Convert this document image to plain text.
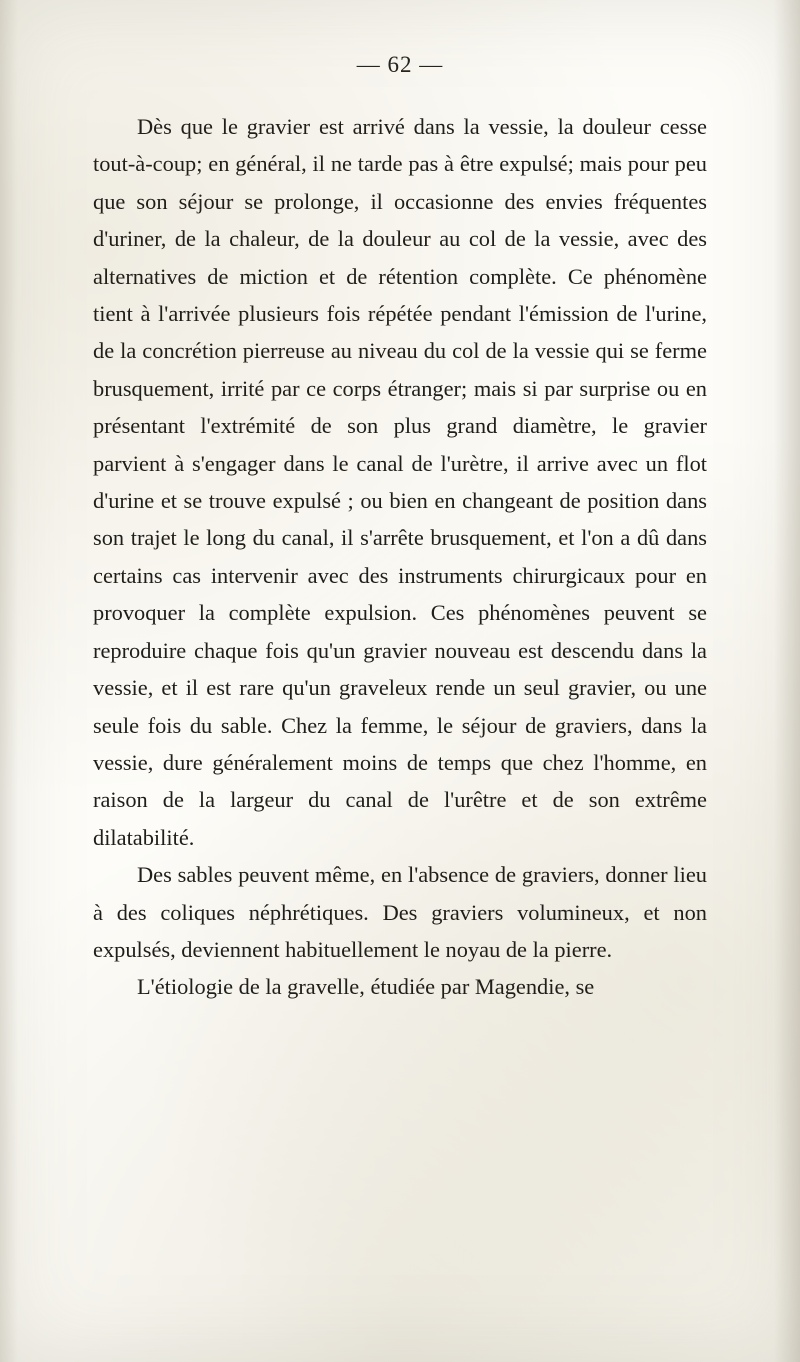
— 62 —

Dès que le gravier est arrivé dans la vessie, la douleur cesse tout-à-coup; en général, il ne tarde pas à être expulsé; mais pour peu que son séjour se prolonge, il occasionne des envies fréquentes d'uriner, de la chaleur, de la douleur au col de la vessie, avec des alternatives de miction et de rétention complète. Ce phénomène tient à l'arrivée plusieurs fois répétée pendant l'émission de l'urine, de la concrétion pierreuse au niveau du col de la vessie qui se ferme brusquement, irrité par ce corps étranger; mais si par surprise ou en présentant l'extrémité de son plus grand diamètre, le gravier parvient à s'engager dans le canal de l'urètre, il arrive avec un flot d'urine et se trouve expulsé ; ou bien en changeant de position dans son trajet le long du canal, il s'arrête brusquement, et l'on a dû dans certains cas intervenir avec des instruments chirurgicaux pour en provoquer la complète expulsion. Ces phénomènes peuvent se reproduire chaque fois qu'un gravier nouveau est descendu dans la vessie, et il est rare qu'un graveleux rende un seul gravier, ou une seule fois du sable. Chez la femme, le séjour de graviers, dans la vessie, dure généralement moins de temps que chez l'homme, en raison de la largeur du canal de l'urêtre et de son extrême dilatabilité.

Des sables peuvent même, en l'absence de graviers, donner lieu à des coliques néphrétiques. Des graviers volumineux, et non expulsés, deviennent habituellement le noyau de la pierre.

L'étiologie de la gravelle, étudiée par Magendie, se
